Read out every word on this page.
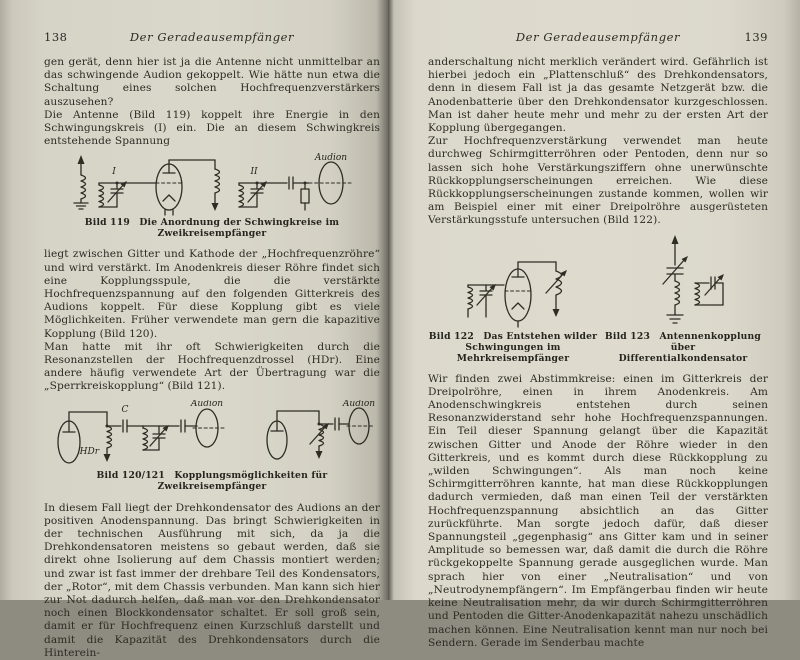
138	Der Geradeausempfänger

gen gerät, denn hier ist ja die Antenne nicht unmittelbar an das schwingende Audion gekoppelt. Wie hätte nun etwa die Schaltung eines solchen Hochfrequenzverstärkers auszusehen?

Die Antenne (Bild 119) koppelt ihre Energie in den Schwingungskreis (I) ein. Die an diesem Schwingkreis entstehende Spannung

I	II
Audion
Bild 119 Die Anordnung der Schwingkreise im Zweikreisempfänger

liegt zwischen Gitter und Kathode der „Hochfrequenzröhre“ und wird verstärkt. Im Anodenkreis dieser Röhre findet sich eine Kopplungsspule, die die verstärkte Hochfrequenzspannung auf den folgenden Gitterkreis des Audions koppelt. Für diese Kopplung gibt es viele Möglichkeiten. Früher verwendete man gern die kapazitive Kopplung (Bild 120).

Man hatte mit ihr oft Schwierigkeiten durch die Resonanzstellen der Hochfrequenzdrossel (HDr). Eine andere häufig verwendete Art der Übertragung war die „Sperrkreiskopplung“ (Bild 121).

HDr
C
Audion	Audion
Bild 120/121 Kopplungsmöglichkeiten für Zweikreisempfänger

In diesem Fall liegt der Drehkondensator des Audions an der positiven Anodenspannung. Das bringt Schwierigkeiten in der technischen Ausführung mit sich, da ja die Drehkondensatoren meistens so gebaut werden, daß sie direkt ohne Isolierung auf dem Chassis montiert werden; und zwar ist fast immer der drehbare Teil des Kondensators, der „Rotor“, mit dem Chassis verbunden. Man kann sich hier zur Not dadurch helfen, daß man vor den Drehkondensator noch einen Blockkondensator schaltet. Er soll groß sein, damit er für Hochfrequenz einen Kurzschluß darstellt und damit die Kapazität des Drehkondensators durch die Hinterein-

Der Geradeausempfänger	139

anderschaltung nicht merklich verändert wird. Gefährlich ist hierbei jedoch ein „Plattenschluß“ des Drehkondensators, denn in diesem Fall ist ja das gesamte Netzgerät bzw. die Anodenbatterie über den Drehkondensator kurzgeschlossen. Man ist daher heute mehr und mehr zu der ersten Art der Kopplung übergegangen.

Zur Hochfrequenzverstärkung verwendet man heute durchweg Schirmgitterröhren oder Pentoden, denn nur so lassen sich hohe Verstärkungsziffern ohne unerwünschte Rückkopplungserscheinungen erreichen. Wie diese Rückkopplungserscheinungen zustande kommen, wollen wir am Beispiel einer mit einer Dreipolröhre ausgerüsteten Verstärkungsstufe untersuchen (Bild 122).

Bild 122 Das Entstehen wilder
Schwingungen im Mehrkreisempfänger
Bild 123 Antennenkopplung über
Differentialkondensator

Wir finden zwei Abstimmkreise: einen im Gitterkreis der Dreipolröhre, einen in ihrem Anodenkreis. Am Anodenschwingkreis entstehen durch seinen Resonanzwiderstand sehr hohe Hochfrequenzspannungen. Ein Teil dieser Spannung gelangt über die Kapazität zwischen Gitter und Anode der Röhre wieder in den Gitterkreis, und es kommt durch diese Rückkopplung zu „wilden Schwingungen“. Als man noch keine Schirmgitterröhren kannte, hat man diese Rückkopplungen dadurch vermieden, daß man einen Teil der verstärkten Hochfrequenzspannung absichtlich an das Gitter zurückführte. Man sorgte jedoch dafür, daß dieser Spannungsteil „gegenphasig“ ans Gitter kam und in seiner Amplitude so bemessen war, daß damit die durch die Röhre rückgekoppelte Spannung gerade ausgeglichen wurde. Man sprach hier von einer „Neutralisation“ und von „Neutrodynempfängern“. Im Empfängerbau finden wir heute keine Neutralisation mehr, da wir durch Schirmgitterröhren und Pentoden die Gitter-Anodenkapazität nahezu unschädlich machen können. Eine Neutralisation kennt man nur noch bei Sendern. Gerade im Senderbau machte
